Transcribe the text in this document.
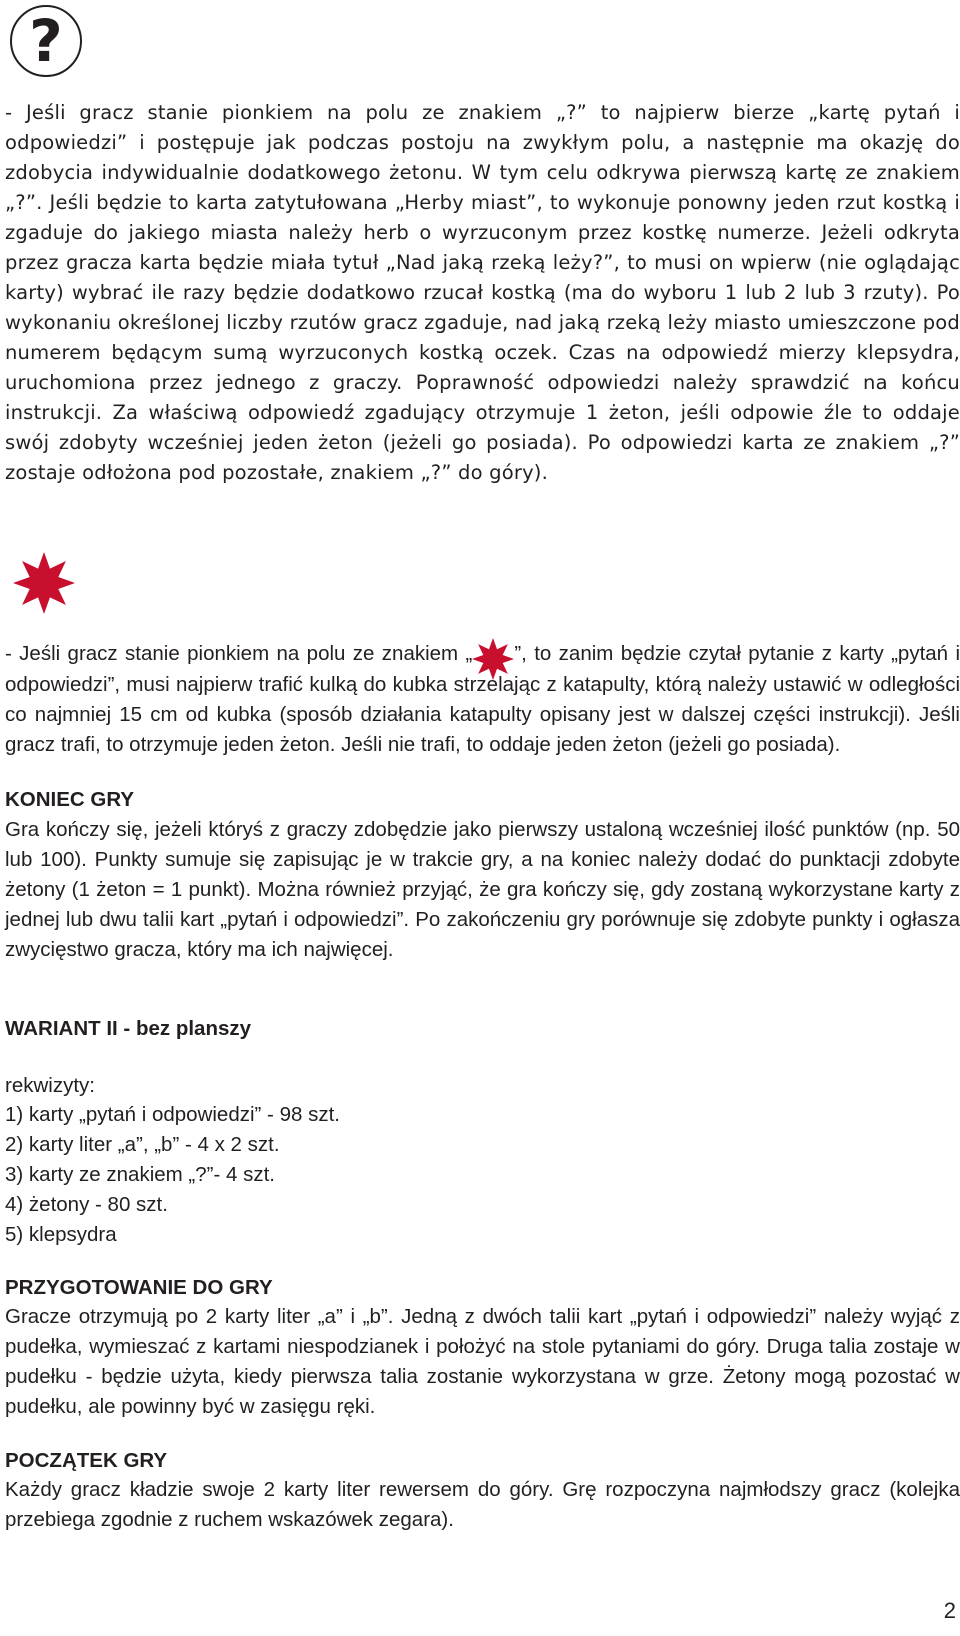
?

- Jeśli gracz stanie pionkiem na polu ze znakiem „?” to najpierw bierze „kartę pytań i odpowiedzi” i postępuje jak podczas postoju na zwykłym polu, a następnie ma okazję do zdobycia indywidualnie dodatkowego żetonu. W tym celu odkrywa pierwszą kartę ze znakiem „?”. Jeśli będzie to karta zatytułowana „Herby miast”, to wykonuje ponowny jeden rzut kostką i zgaduje do jakiego miasta należy herb o wyrzuconym przez kostkę numerze. Jeżeli odkryta przez gracza karta będzie miała tytuł „Nad jaką rzeką leży?”, to musi on wpierw (nie oglądając karty) wybrać ile razy będzie dodatkowo rzucał kostką (ma do wyboru 1 lub 2 lub 3 rzuty). Po wykonaniu określonej liczby rzutów gracz zgaduje, nad jaką rzeką leży miasto umieszczone pod numerem będącym sumą wyrzuconych kostką oczek. Czas na odpowiedź mierzy klepsydra, uruchomiona przez jednego z graczy. Poprawność odpowiedzi należy sprawdzić na końcu instrukcji. Za właściwą odpowiedź zgadujący otrzymuje 1 żeton, jeśli odpowie źle to oddaje swój zdobyty wcześniej jeden żeton (jeżeli go posiada). Po odpowiedzi karta ze znakiem „?” zostaje odłożona pod pozostałe, znakiem „?” do góry).

- Jeśli gracz stanie pionkiem na polu ze znakiem „ ”, to zanim będzie czytał pytanie z karty „pytań i odpowiedzi”, musi najpierw trafić kulką do kubka strzelając z katapulty, którą należy ustawić w odległości co najmniej 15 cm od kubka (sposób działania katapulty opisany jest w dalszej części instrukcji). Jeśli gracz trafi, to otrzymuje jeden żeton. Jeśli nie trafi, to oddaje jeden żeton (jeżeli go posiada).

KONIEC GRY

Gra kończy się, jeżeli któryś z graczy zdobędzie jako pierwszy ustaloną wcześniej ilość punktów (np. 50 lub 100). Punkty sumuje się zapisując je w trakcie gry, a na koniec należy dodać do punktacji zdobyte żetony (1 żeton = 1 punkt). Można również przyjąć, że gra kończy się, gdy zostaną wykorzystane karty z jednej lub dwu talii kart „pytań i odpowiedzi”. Po zakończeniu gry porównuje się zdobyte punkty i ogłasza zwycięstwo gracza, który ma ich najwięcej.

WARIANT II - bez planszy

rekwizyty:

1) karty „pytań i odpowiedzi” - 98 szt.
2) karty liter „a”, „b” - 4 x 2 szt.
3) karty ze znakiem „?”- 4 szt.
4) żetony - 80 szt.
5) klepsydra
PRZYGOTOWANIE DO GRY

Gracze otrzymują po 2 karty liter „a” i „b”. Jedną z dwóch talii kart „pytań i odpowiedzi” należy wyjąć z pudełka, wymieszać z kartami niespodzianek i położyć na stole pytaniami do góry. Druga talia zostaje w pudełku - będzie użyta, kiedy pierwsza talia zostanie wykorzystana w grze. Żetony mogą pozostać w pudełku, ale powinny być w zasięgu ręki.

POCZĄTEK GRY

Każdy gracz kładzie swoje 2 karty liter rewersem do góry. Grę rozpoczyna najmłodszy gracz (kolejka przebiega zgodnie z ruchem wskazówek zegara).

2
